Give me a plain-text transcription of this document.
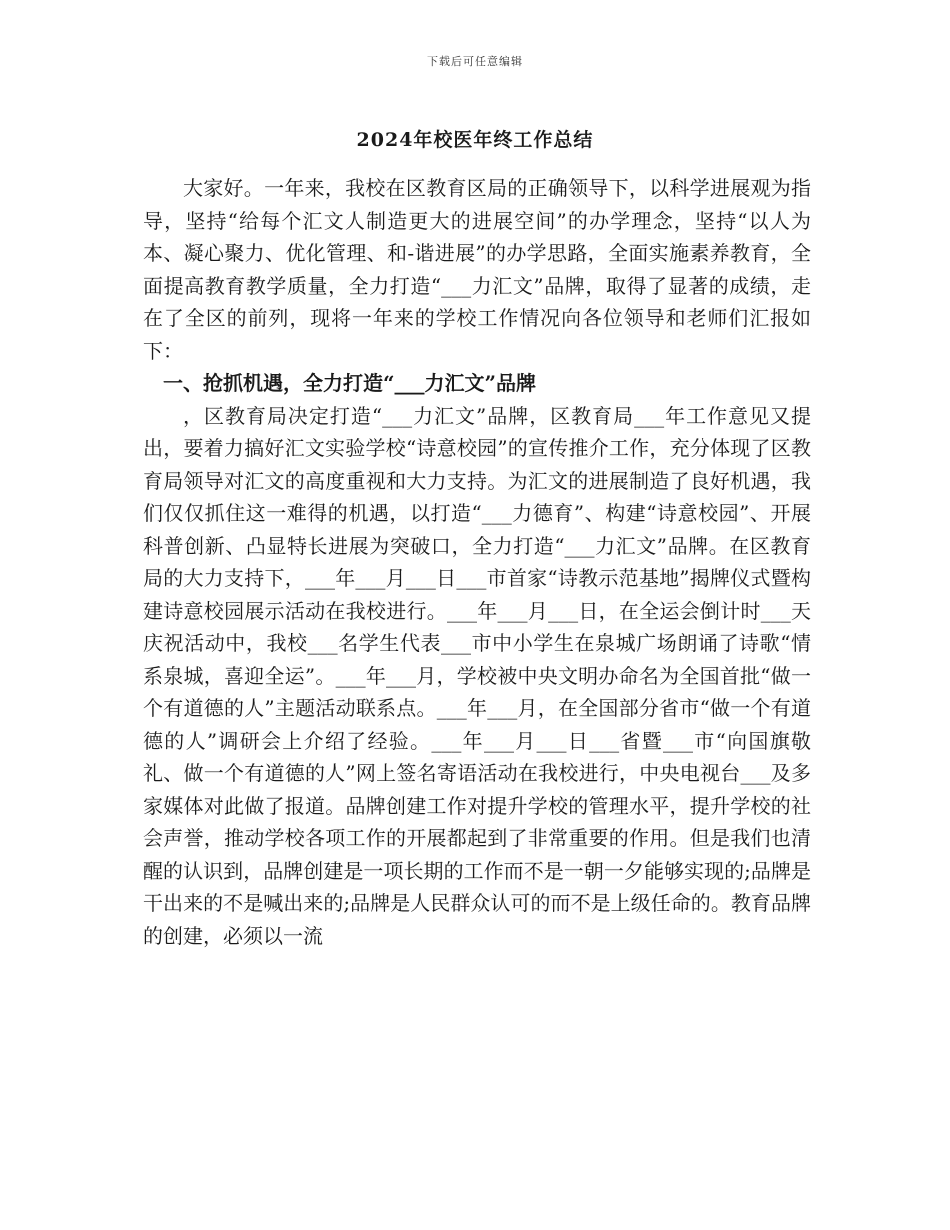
下载后可任意编辑
2024年校医年终工作总结

大家好。一年来，我校在区教育区局的正确领导下，以科学进展观为指导，坚持“给每个汇文人制造更大的进展空间”的办学理念，坚持“以人为本、凝心聚力、优化管理、和-谐进展”的办学思路，全面实施素养教育，全面提高教育教学质量，全力打造“___力汇文”品牌，取得了显著的成绩，走在了全区的前列，现将一年来的学校工作情况向各位领导和老师们汇报如下：

一、抢抓机遇，全力打造“___力汇文”品牌

，区教育局决定打造“___力汇文”品牌，区教育局___年工作意见又提出，要着力搞好汇文实验学校“诗意校园”的宣传推介工作，充分体现了区教育局领导对汇文的高度重视和大力支持。为汇文的进展制造了良好机遇，我们仅仅抓住这一难得的机遇，以打造“___力德育”、构建“诗意校园”、开展科普创新、凸显特长进展为突破口，全力打造“___力汇文”品牌。在区教育局的大力支持下，___年___月___日___市首家“诗教示范基地”揭牌仪式暨构建诗意校园展示活动在我校进行。___年___月___日，在全运会倒计时___天庆祝活动中，我校___名学生代表___市中小学生在泉城广场朗诵了诗歌“情系泉城，喜迎全运”。___年___月，学校被中央文明办命名为全国首批“做一个有道德的人”主题活动联系点。___年___月，在全国部分省市“做一个有道德的人”调研会上介绍了经验。___年___月___日___省暨___市“向国旗敬礼、做一个有道德的人”网上签名寄语活动在我校进行，中央电视台___及多家媒体对此做了报道。品牌创建工作对提升学校的管理水平，提升学校的社会声誉，推动学校各项工作的开展都起到了非常重要的作用。但是我们也清醒的认识到，品牌创建是一项长期的工作而不是一朝一夕能够实现的;品牌是干出来的不是喊出来的;品牌是人民群众认可的而不是上级任命的。教育品牌的创建，必须以一流
